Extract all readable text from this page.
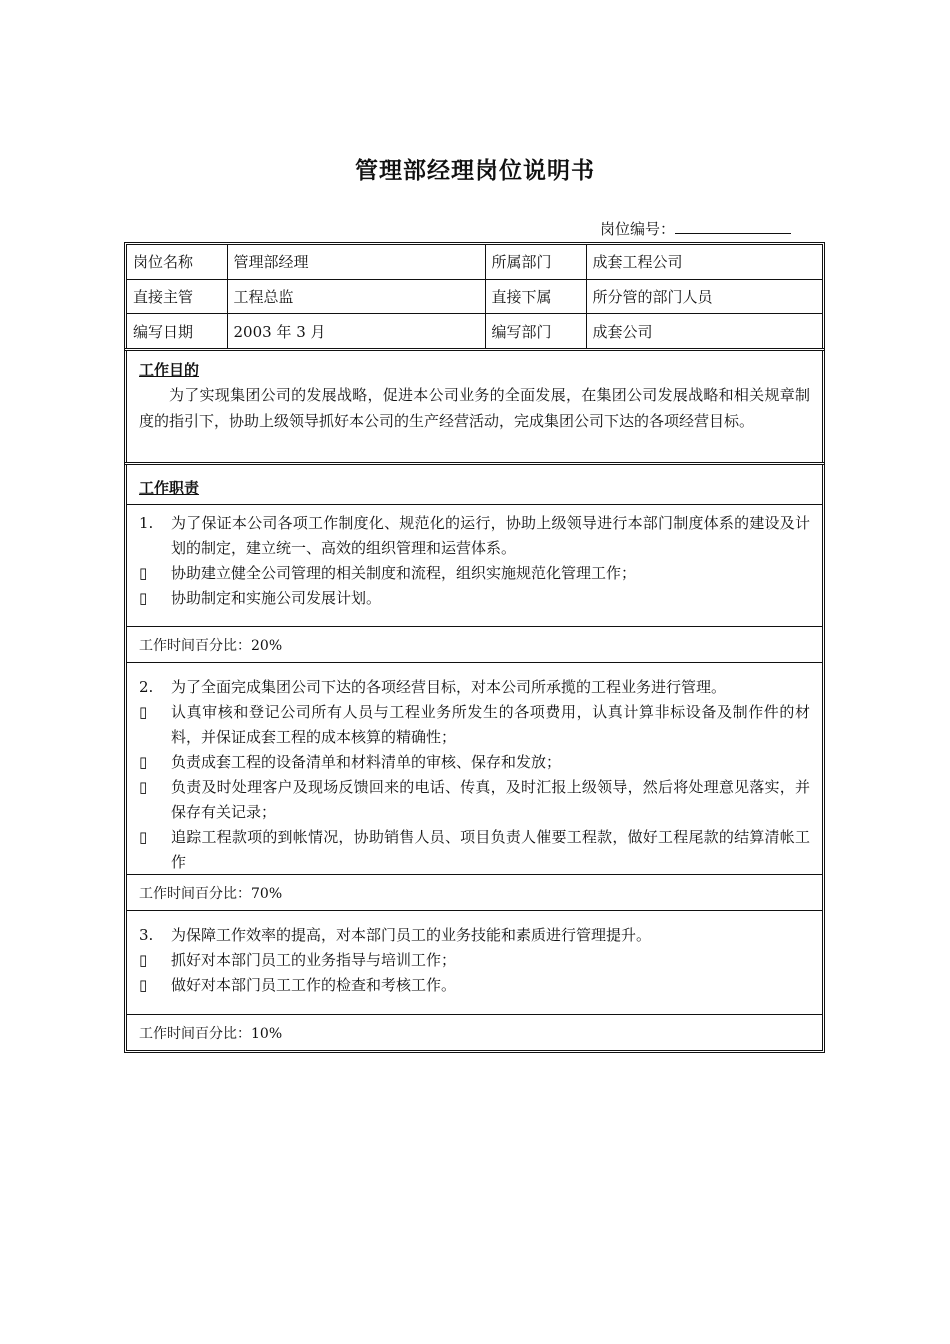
管理部经理岗位说明书
岗位编号：
岗位名称	管理部经理	所属部门	成套工程公司
直接主管	工程总监	直接下属	所分管的部门人员
编写日期	2003 年 3 月	编写部门	成套公司
工作目的

为了实现集团公司的发展战略，促进本公司业务的全面发展，在集团公司发展战略和相关规章制度的指引下，协助上级领导抓好本公司的生产经营活动，完成集团公司下达的各项经营目标。

工作职责
1.	为了保证本公司各项工作制度化、规范化的运行，协助上级领导进行本部门制度体系的建设及计划的制定，建立统一、高效的组织管理和运营体系。
▯	协助建立健全公司管理的相关制度和流程，组织实施规范化管理工作；
▯	协助制定和实施公司发展计划。
工作时间百分比：20%
2.	为了全面完成集团公司下达的各项经营目标，对本公司所承揽的工程业务进行管理。
▯	认真审核和登记公司所有人员与工程业务所发生的各项费用，认真计算非标设备及制作件的材料，并保证成套工程的成本核算的精确性；
▯	负责成套工程的设备清单和材料清单的审核、保存和发放；
▯	负责及时处理客户及现场反馈回来的电话、传真，及时汇报上级领导，然后将处理意见落实，并保存有关记录；
▯	追踪工程款项的到帐情况，协助销售人员、项目负责人催要工程款，做好工程尾款的结算清帐工作
工作时间百分比：70%
3.	为保障工作效率的提高，对本部门员工的业务技能和素质进行管理提升。
▯	抓好对本部门员工的业务指导与培训工作；
▯	做好对本部门员工工作的检查和考核工作。
工作时间百分比：10%
